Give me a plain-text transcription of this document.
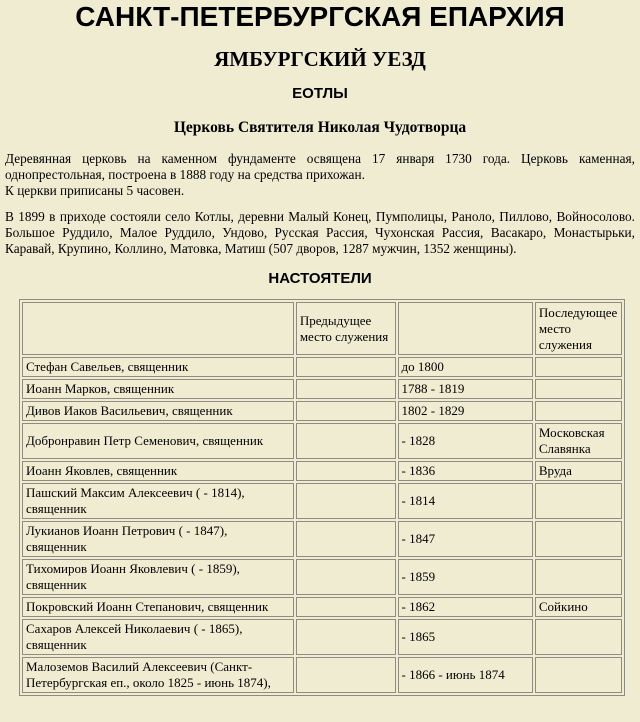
САНКТ-ПЕТЕРБУРГСКАЯ ЕПАРХИЯ
ЯМБУРГСКИЙ УЕЗД
ЕОТЛЫ
Церковь Святителя Николая Чудотворца
Деревянная церковь на каменном фундаменте освящена 17 января 1730 года. Церковь каменная, однопрестольная, построена в 1888 году на средства прихожан.
К церкви приписаны 5 часовен.
В 1899 в приходе состояли село Котлы, деревни Малый Конец, Пумполицы, Раноло, Пиллово, Войносолово. Большое Руддило, Малое Руддило, Ундово, Русская Рассия, Чухонская Рассия, Васакаро, Монастырьки, Каравай, Крупино, Коллино, Матовка, Матиш (507 дворов, 1287 мужчин, 1352 женщины).
НАСТОЯТЕЛИ
	Предыдущее место служения		Последующее место служения
Стефан Савельев, священник		до 1800	
Иоанн Марков, священник		1788 - 1819	
Дивов Иаков Васильевич, священник		1802 - 1829	
Добронравин Петр Семенович, священник		- 1828	Московская Славянка
Иоанн Яковлев, священник		- 1836	Вруда
Пашский Максим Алексеевич ( - 1814), священник		- 1814	
Лукианов Иоанн Петрович ( - 1847), священник		- 1847	
Тихомиров Иоанн Яковлевич ( - 1859), священник		- 1859	
Покровский Иоанн Степанович, священник		- 1862	Сойкино
Сахаров Алексей Николаевич ( - 1865), священник		- 1865	
Малоземов Василий Алексеевич (Санкт-Петербургская еп., около 1825 - июнь 1874),		- 1866 - июнь 1874	
